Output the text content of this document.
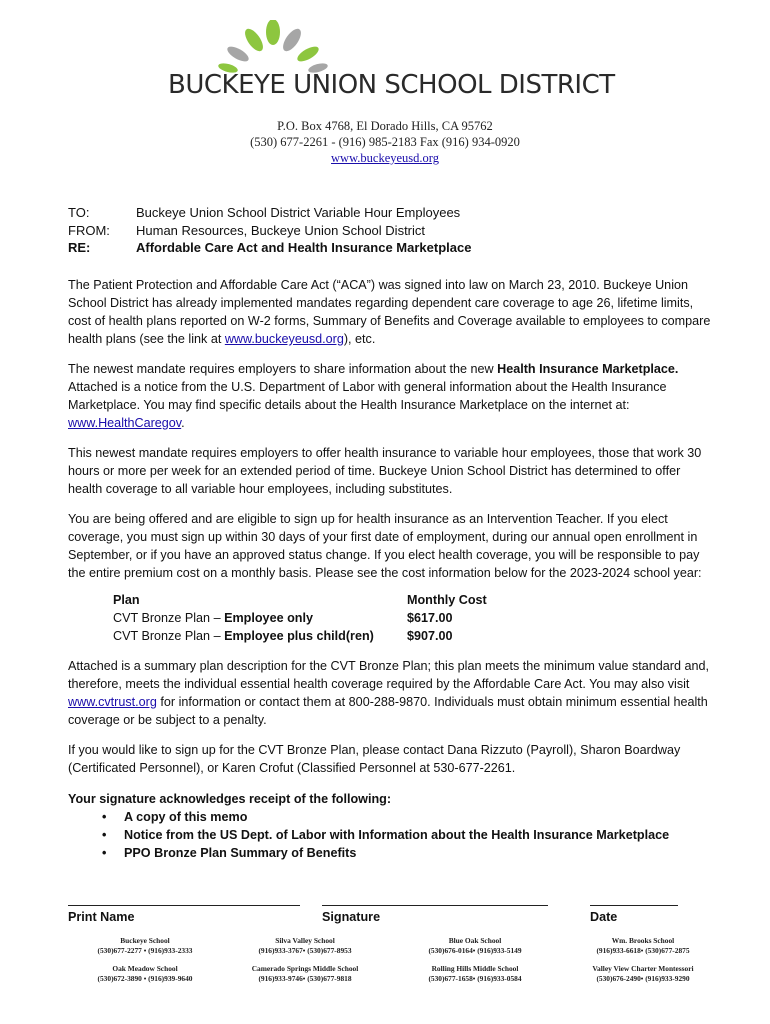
BUCKEYE UNION SCHOOL DISTRICT
P.O. Box 4768, El Dorado Hills, CA 95762
(530) 677-2261 - (916) 985-2183 Fax (916) 934-0920
www.buckeyeusd.org
TO:	Buckeye Union School District Variable Hour Employees
FROM:	Human Resources, Buckeye Union School District
RE:	Affordable Care Act and Health Insurance Marketplace

The Patient Protection and Affordable Care Act (“ACA”) was signed into law on March 23, 2010. Buckeye Union School District has already implemented mandates regarding dependent care coverage to age 26, lifetime limits, cost of health plans reported on W-2 forms, Summary of Benefits and Coverage available to employees to compare health plans (see the link at www.buckeyeusd.org), etc.

The newest mandate requires employers to share information about the new Health Insurance Marketplace. Attached is a notice from the U.S. Department of Labor with general information about the Health Insurance Marketplace. You may find specific details about the Health Insurance Marketplace on the internet at: www.HealthCaregov.

This newest mandate requires employers to offer health insurance to variable hour employees, those that work 30 hours or more per week for an extended period of time. Buckeye Union School District has determined to offer health coverage to all variable hour employees, including substitutes.

You are being offered and are eligible to sign up for health insurance as an Intervention Teacher. If you elect coverage, you must sign up within 30 days of your first date of employment, during our annual open enrollment in September, or if you have an approved status change. If you elect health coverage, you will be responsible to pay the entire premium cost on a monthly basis. Please see the cost information below for the 2023-2024 school year:

Plan	Monthly Cost
CVT Bronze Plan – Employee only	$617.00
CVT Bronze Plan – Employee plus child(ren)	$907.00

Attached is a summary plan description for the CVT Bronze Plan; this plan meets the minimum value standard and, therefore, meets the individual essential health coverage required by the Affordable Care Act. You may also visit www.cvtrust.org for information or contact them at 800-288-9870. Individuals must obtain minimum essential health coverage or be subject to a penalty.

If you would like to sign up for the CVT Bronze Plan, please contact Dana Rizzuto (Payroll), Sharon Boardway (Certificated Personnel), or Karen Crofut (Classified Personnel at 530-677-2261.

Your signature acknowledges receipt of the following:
•	A copy of this memo
•	Notice from the US Dept. of Labor with Information about the Health Insurance Marketplace
•	PPO Bronze Plan Summary of Benefits
Print Name	Signature	Date
Buckeye School
(530)677-2277 • (916)933-2333
Silva Valley School
(916)933-3767• (530)677-8953
Blue Oak School
(530)676-0164• (916)933-5149
Wm. Brooks School
(916)933-6618• (530)677-2875
Oak Meadow School
(530)672-3890 • (916)939-9640
Camerado Springs Middle School
(916)933-9746• (530)677-9818
Rolling Hills Middle School
(530)677-1658• (916)933-0584
Valley View Charter Montessori
(530)676-2490• (916)933-9290
